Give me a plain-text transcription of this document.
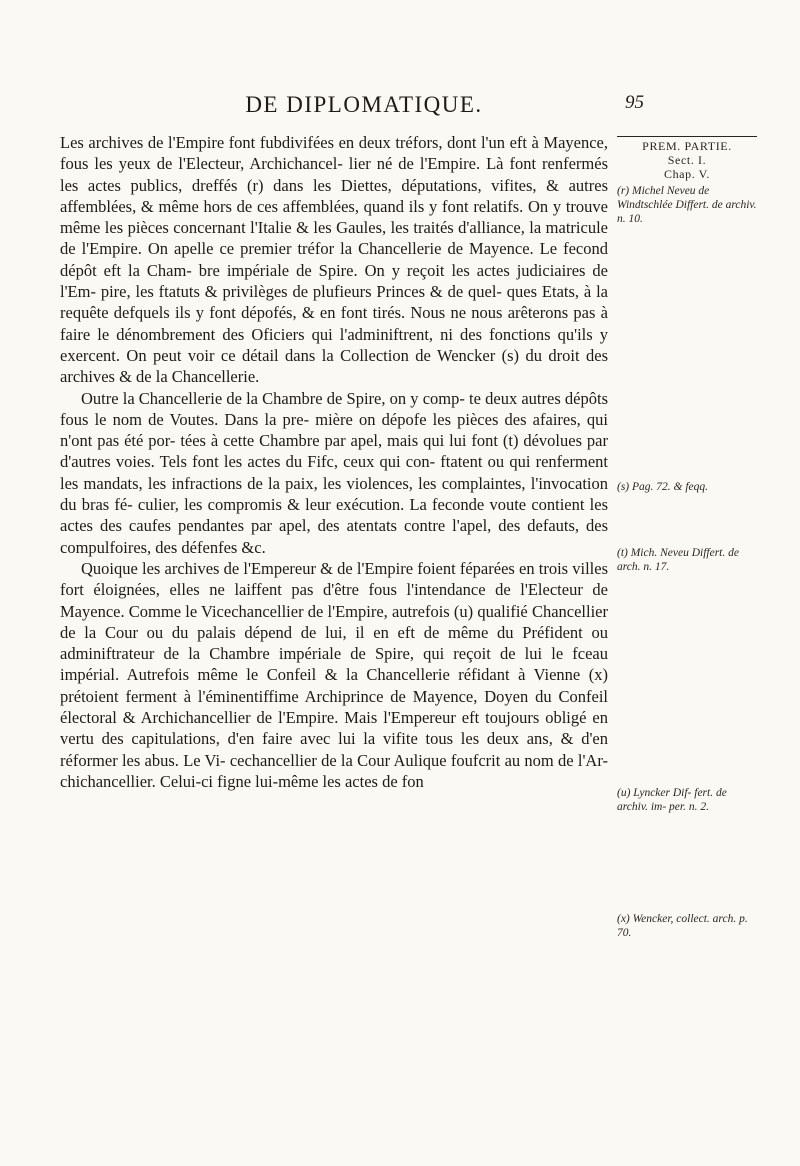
DE DIPLOMATIQUE.	95

Les archives de l'Empire font fubdivifées en deux tréfors, dont l'un eft à Mayence, fous les yeux de l'Electeur, Archichancel- lier né de l'Empire. Là font renfermés les actes publics, dreffés (r) dans les Diettes, députations, vifites, & autres affemblées, & même hors de ces affemblées, quand ils y font relatifs. On y trouve même les pièces concernant l'Italie & les Gaules, les traités d'alliance, la matricule de l'Empire. On apelle ce premier tréfor la Chancellerie de Mayence. Le fecond dépôt eft la Cham- bre impériale de Spire. On y reçoit les actes judiciaires de l'Em- pire, les ftatuts & privilèges de plufieurs Princes & de quel- ques Etats, à la requête defquels ils y font dépofés, & en font tirés. Nous ne nous arêterons pas à faire le dénombrement des Oficiers qui l'adminiftrent, ni des fonctions qu'ils y exercent. On peut voir ce détail dans la Collection de Wencker (s) du droit des archives & de la Chancellerie.

Outre la Chancellerie de la Chambre de Spire, on y comp- te deux autres dépôts fous le nom de Voutes. Dans la pre- mière on dépofe les pièces des afaires, qui n'ont pas été por- tées à cette Chambre par apel, mais qui lui font (t) dévolues par d'autres voies. Tels font les actes du Fifc, ceux qui con- ftatent ou qui renferment les mandats, les infractions de la paix, les violences, les complaintes, l'invocation du bras fé- culier, les compromis & leur exécution. La feconde voute contient les actes des caufes pendantes par apel, des atentats contre l'apel, des defauts, des compulfoires, des défenfes &c.

Quoique les archives de l'Empereur & de l'Empire foient féparées en trois villes fort éloignées, elles ne laiffent pas d'être fous l'intendance de l'Electeur de Mayence. Comme le Vicechancellier de l'Empire, autrefois (u) qualifié Chancellier de la Cour ou du palais dépend de lui, il en eft de même du Préfident ou adminiftrateur de la Chambre impériale de Spire, qui reçoit de lui le fceau impérial. Autrefois même le Confeil & la Chancellerie réfidant à Vienne (x) prétoient ferment à l'éminentiffime Archiprince de Mayence, Doyen du Confeil électoral & Archichancellier de l'Empire. Mais l'Empereur eft toujours obligé en vertu des capitulations, d'en faire avec lui la vifite tous les deux ans, & d'en réformer les abus. Le Vi- cechancellier de la Cour Aulique foufcrit au nom de l'Ar- chichancellier. Celui-ci figne lui-même les actes de fon

PREM. PARTIE.
Sect. I.
Chap. V.
(r) Michel Neveu de Windtschlée Differt. de archiv. n. 10.
(s) Pag. 72. & feqq.
(t) Mich. Neveu Differt. de arch. n. 17.
(u) Lyncker Dif- fert. de archiv. im- per. n. 2.
(x) Wencker, collect. arch. p. 70.
